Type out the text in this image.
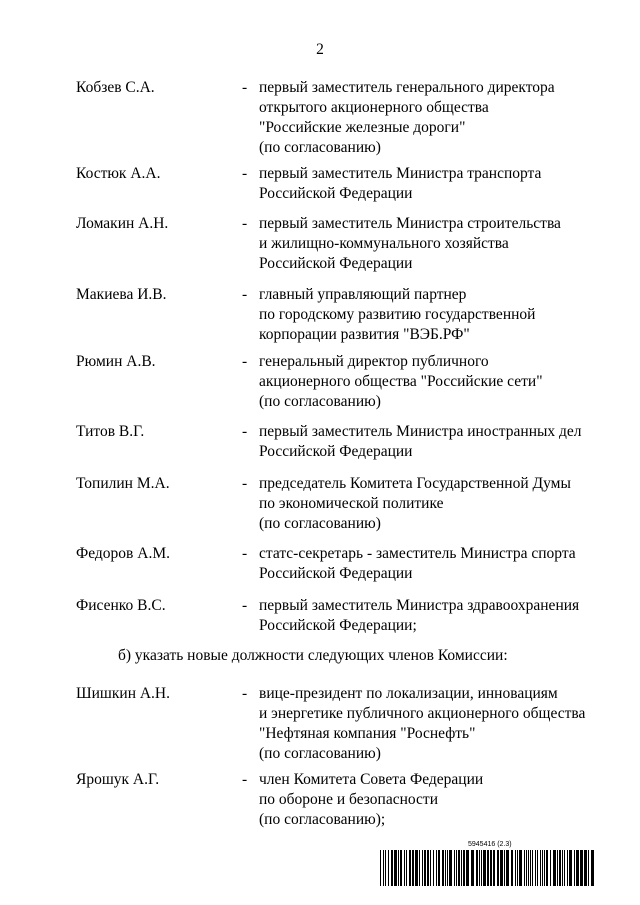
2
Кобзев С.А.	- первый заместитель генерального директора
открытого акционерного общества
"Российские железные дороги"
(по согласованию)
Костюк А.А.	- первый заместитель Министра транспорта
Российской Федерации
Ломакин А.Н.	- первый заместитель Министра строительства
и жилищно-коммунального хозяйства
Российской Федерации
Макиева И.В.	- главный управляющий партнер
по городскому развитию государственной
корпорации развития "ВЭБ.РФ"
Рюмин А.В.	- генеральный директор публичного
акционерного общества "Российские сети"
(по согласованию)
Титов В.Г.	- первый заместитель Министра иностранных дел
Российской Федерации
Топилин М.А.	- председатель Комитета Государственной Думы
по экономической политике
(по согласованию)
Федоров А.М.	- статс-секретарь - заместитель Министра спорта
Российской Федерации
Фисенко В.С.	- первый заместитель Министра здравоохранения
Российской Федерации;
б) указать новые должности следующих членов Комиссии:
Шишкин А.Н.	- вице-президент по локализации, инновациям
и энергетике публичного акционерного общества
"Нефтяная компания "Роснефть"
(по согласованию)
Ярошук А.Г.	- член Комитета Совета Федерации
по обороне и безопасности
(по согласованию);
5945416 (2.3)
